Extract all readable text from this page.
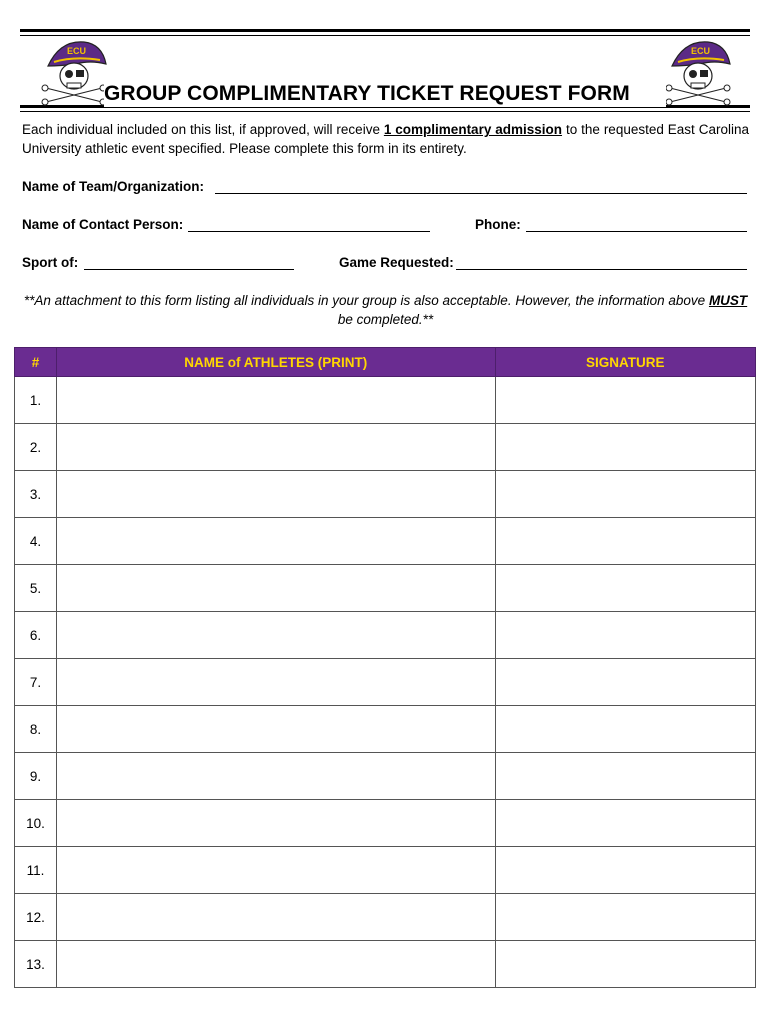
ECU	ECU
GROUP COMPLIMENTARY TICKET REQUEST FORM
Each individual included on this list, if approved, will receive 1 complimentary admission to the requested East Carolina University athletic event specified. Please complete this form in its entirety.
Name of Team/Organization:
Name of Contact Person:	Phone:
Sport of:	Game Requested:
**An attachment to this form listing all individuals in your group is also acceptable. However, the information above MUST be completed.**
#	NAME of ATHLETES (PRINT)	SIGNATURE
1.		
2.		
3.		
4.		
5.		
6.		
7.		
8.		
9.		
10.		
11.		
12.		
13.		
